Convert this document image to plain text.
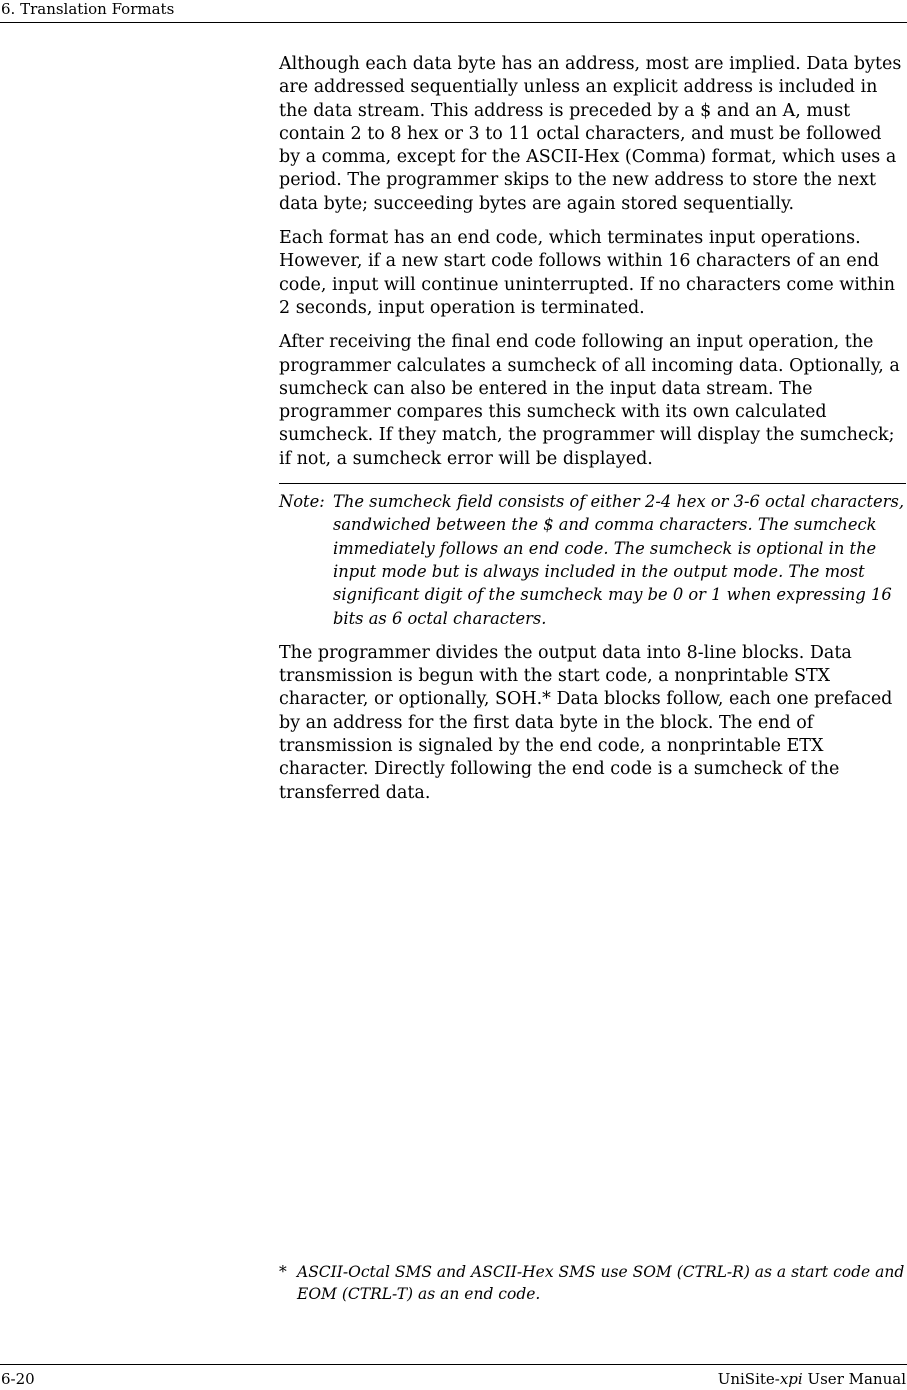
6. Translation Formats

Although each data byte has an address, most are implied. Data bytes are addressed sequentially unless an explicit address is included in the data stream. This address is preceded by a $ and an A, must contain 2 to 8 hex or 3 to 11 octal characters, and must be followed by a comma, except for the ASCII-Hex (Comma) format, which uses a period. The programmer skips to the new address to store the next data byte; succeeding bytes are again stored sequentially.

Each format has an end code, which terminates input operations. However, if a new start code follows within 16 characters of an end code, input will continue uninterrupted. If no characters come within 2 seconds, input operation is terminated.

After receiving the final end code following an input operation, the programmer calculates a sumcheck of all incoming data. Optionally, a sumcheck can also be entered in the input data stream. The programmer compares this sumcheck with its own calculated sumcheck. If they match, the programmer will display the sumcheck; if not, a sumcheck error will be displayed.

Note: The sumcheck field consists of either 2-4 hex or 3-6 octal characters, sandwiched between the $ and comma characters. The sumcheck immediately follows an end code. The sumcheck is optional in the input mode but is always included in the output mode. The most significant digit of the sumcheck may be 0 or 1 when expressing 16 bits as 6 octal characters.

The programmer divides the output data into 8-line blocks. Data transmission is begun with the start code, a nonprintable STX character, or optionally, SOH.* Data blocks follow, each one prefaced by an address for the first data byte in the block. The end of transmission is signaled by the end code, a nonprintable ETX character. Directly following the end code is a sumcheck of the transferred data.

* ASCII-Octal SMS and ASCII-Hex SMS use SOM (CTRL-R) as a start code and EOM (CTRL-T) as an end code.
6-20	UniSite-xpi User Manual
